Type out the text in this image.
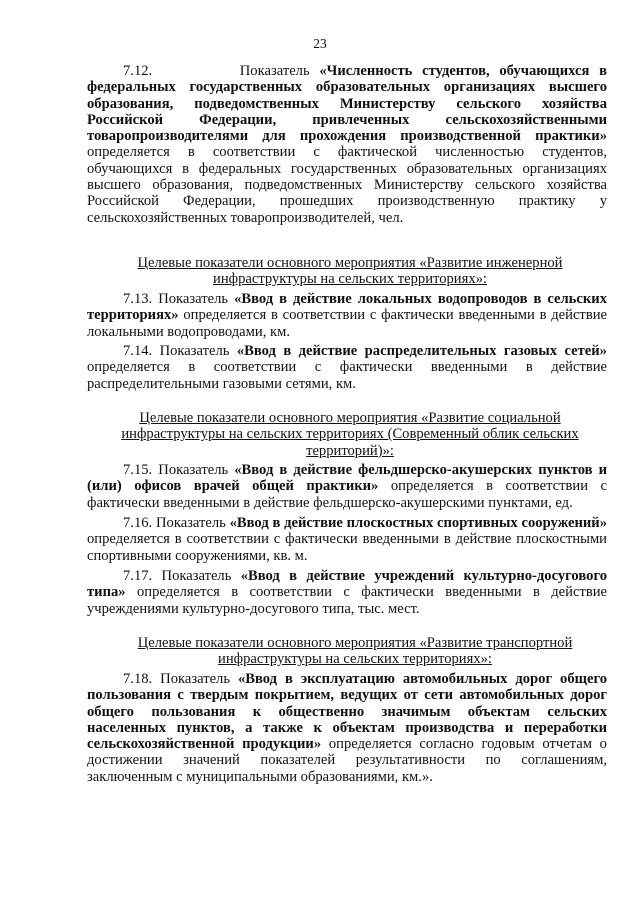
23

7.12.	Показатель «Численность студентов, обучающихся в федеральных государственных образовательных организациях высшего образования, подведомственных Министерству сельского хозяйства Российской Федерации, привлеченных сельскохозяйственными товаропроизводителями для прохождения производственной практики» определяется в соответствии с фактической численностью студентов, обучающихся в федеральных государственных образовательных организациях высшего образования, подведомственных Министерству сельского хозяйства Российской Федерации, прошедших производственную практику у сельскохозяйственных товаропроизводителей, чел.

Целевые показатели основного мероприятия «Развитие инженерной инфраструктуры на сельских территориях»:

7.13. Показатель «Ввод в действие локальных водопроводов в сельских территориях» определяется в соответствии с фактически введенными в действие локальными водопроводами, км.

7.14. Показатель «Ввод в действие распределительных газовых сетей» определяется в соответствии с фактически введенными в действие распределительными газовыми сетями, км.

Целевые показатели основного мероприятия «Развитие социальной инфраструктуры на сельских территориях (Современный облик сельских территорий)»:

7.15. Показатель «Ввод в действие фельдшерско-акушерских пунктов и (или) офисов врачей общей практики» определяется в соответствии с фактически введенными в действие фельдшерско-акушерскими пунктами, ед.

7.16. Показатель «Ввод в действие плоскостных спортивных сооружений» определяется в соответствии с фактически введенными в действие плоскостными спортивными сооружениями, кв. м.

7.17. Показатель «Ввод в действие учреждений культурно-досугового типа» определяется в соответствии с фактически введенными в действие учреждениями культурно-досугового типа, тыс. мест.

Целевые показатели основного мероприятия «Развитие транспортной инфраструктуры на сельских территориях»:

7.18. Показатель «Ввод в эксплуатацию автомобильных дорог общего пользования с твердым покрытием, ведущих от сети автомобильных дорог общего пользования к общественно значимым объектам сельских населенных пунктов, а также к объектам производства и переработки сельскохозяйственной продукции» определяется согласно годовым отчетам о достижении значений показателей результативности по соглашениям, заключенным с муниципальными образованиями, км.».
